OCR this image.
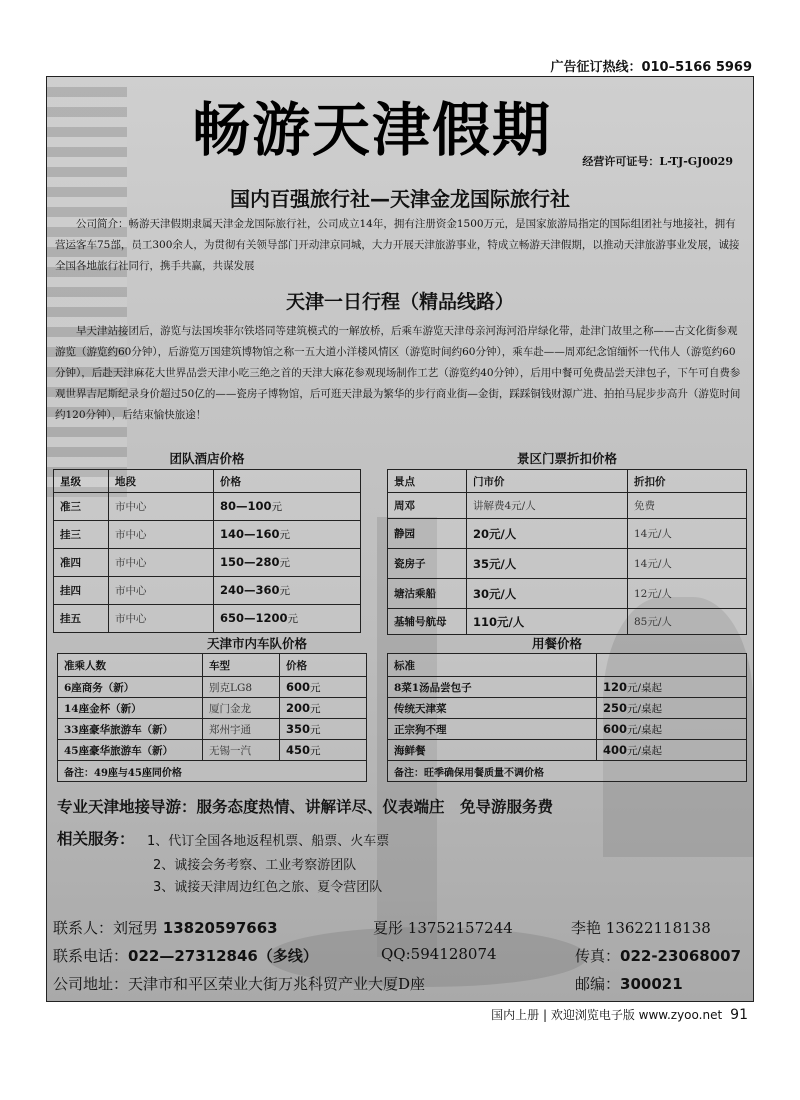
广告征订热线：010–5166 5969
畅游天津假期	经营许可证号：L-TJ-GJ0029
国内百强旅行社—天津金龙国际旅行社
公司简介：畅游天津假期隶属天津金龙国际旅行社，公司成立14年，拥有注册资金1500万元，是国家旅游局指定的国际组团社与地接社，拥有营运客车75部，员工300余人，为贯彻有关领导部门开动津京同城，大力开展天津旅游事业，特成立畅游天津假期，以推动天津旅游事业发展，诚接全国各地旅行社同行，携手共赢，共谋发展
天津一日行程（精品线路）
早天津站接团后，游览与法国埃菲尔铁塔同等建筑模式的一解放桥，后乘车游览天津母亲河海河沿岸绿化带，赴津门故里之称——古文化街参观游览（游览约60分钟），后游览万国建筑博物馆之称一五大道小洋楼风情区（游览时间约60分钟），乘车赴——周邓纪念馆缅怀一代伟人（游览约60分钟），后赴天津麻花大世界品尝天津小吃三绝之首的天津大麻花参观现场制作工艺（游览约40分钟），后用中餐可免费品尝天津包子，下午可自费参观世界吉尼斯纪录身价超过50亿的——瓷房子博物馆，后可逛天津最为繁华的步行商业街—金街，踩踩铜钱财源广进、拍拍马屁步步高升（游览时间约120分钟），后结束愉快旅途！
团队酒店价格
星级	地段	价格
准三	市中心	80—100元
挂三	市中心	140—160元
准四	市中心	150—280元
挂四	市中心	240—360元
挂五	市中心	650—1200元
景区门票折扣价格
景点	门市价	折扣价
周邓	讲解费4元/人	免费
静园	20元/人	14元/人
瓷房子	35元/人	14元/人
塘沽乘船	30元/人	12元/人
基辅号航母	110元/人	85元/人
天津市内车队价格
准乘人数	车型	价格
6座商务（新）	别克LG8	600元
14座金杯（新）	厦门金龙	200元
33座豪华旅游车（新）	郑州宇通	350元
45座豪华旅游车（新）	无锡一汽	450元
备注：49座与45座同价格		
用餐价格
标准	
8菜1汤品尝包子	120元/桌起
传统天津菜	250元/桌起
正宗狗不理	600元/桌起
海鲜餐	400元/桌起
备注：旺季确保用餐质量不调价格	
专业天津地接导游：服务态度热情、讲解详尽、仪表端庄　免导游服务费
相关服务： 1、代订全国各地返程机票、船票、火车票
2、诚接会务考察、工业考察游团队
3、诚接天津周边红色之旅、夏令营团队
联系人：刘冠男 13820597663	夏彤 13752157244	李艳 13622118138
联系电话：022—27312846（多线）	QQ:594128074	传真：022-23068007
公司地址：天津市和平区荣业大街万兆科贸产业大厦D座	邮编：300021
国内上册 | 欢迎浏览电子版 www.zyoo.net 91
